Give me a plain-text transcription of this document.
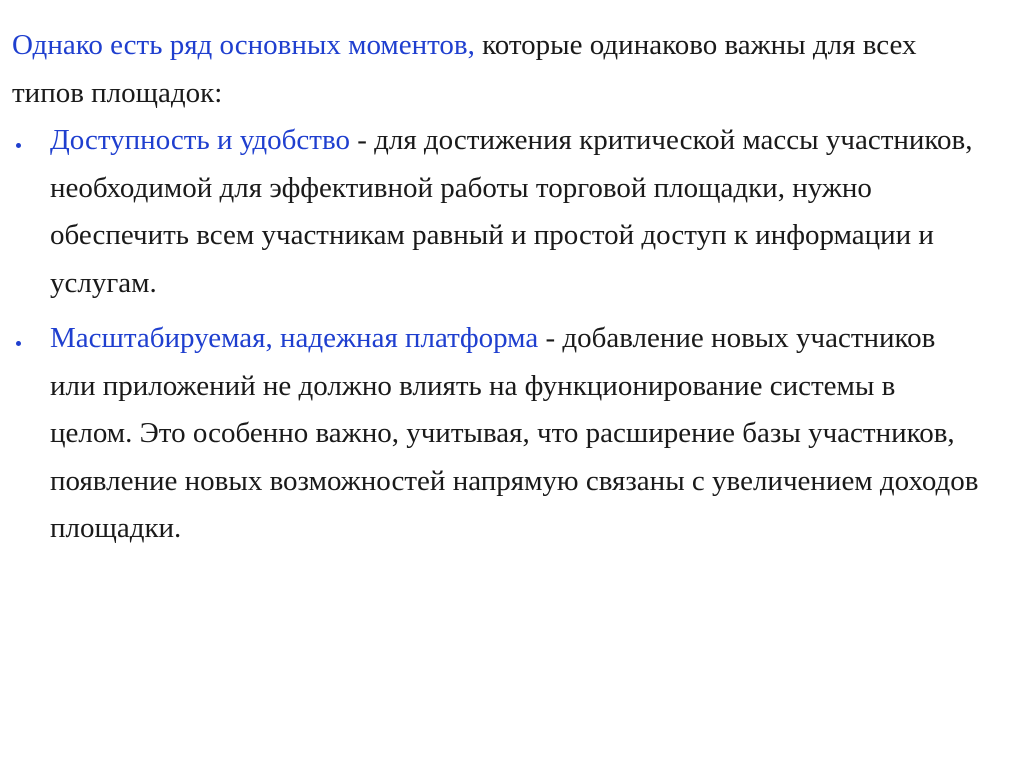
Однако есть ряд основных моментов, которые одинаково важны для всех типов площадок:

Доступность и удобство - для достижения критической массы участников, необходимой для эффективной работы торговой площадки, нужно обеспечить всем участникам равный и простой доступ к информации и услугам.
Масштабируемая, надежная платформа - добавление новых участников или приложений не должно влиять на функционирование системы в целом. Это особенно важно, учитывая, что расширение базы участников, появление новых возможностей напрямую связаны с увеличением доходов площадки.
